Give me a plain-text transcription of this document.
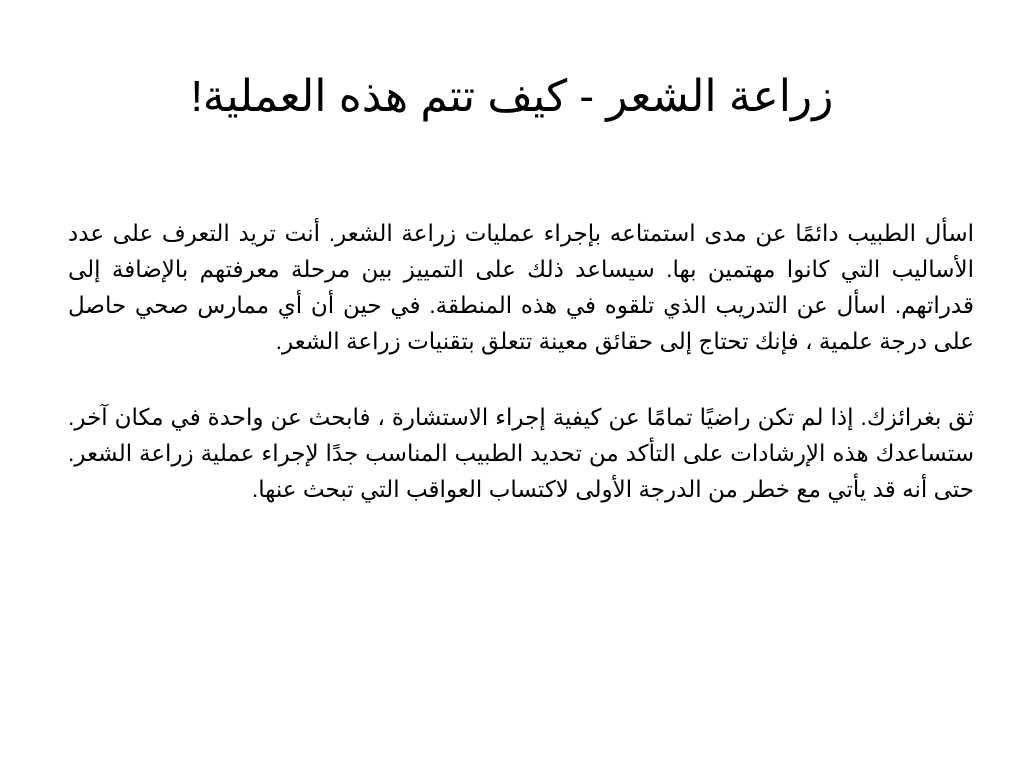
زراعة الشعر - كيف تتم هذه العملية!

اسأل الطبيب دائمًا عن مدى استمتاعه بإجراء عمليات زراعة الشعر. أنت تريد التعرف على عدد الأساليب التي كانوا مهتمين بها. سيساعد ذلك على التمييز بين مرحلة معرفتهم بالإضافة إلى قدراتهم. اسأل عن التدريب الذي تلقوه في هذه المنطقة. في حين أن أي ممارس صحي حاصل على درجة علمية ، فإنك تحتاج إلى حقائق معينة تتعلق بتقنيات زراعة الشعر.

ثق بغرائزك. إذا لم تكن راضيًا تمامًا عن كيفية إجراء الاستشارة ، فابحث عن واحدة في مكان آخر. ستساعدك هذه الإرشادات على التأكد من تحديد الطبيب المناسب جدًا لإجراء عملية زراعة الشعر. حتى أنه قد يأتي مع خطر من الدرجة الأولى لاكتساب العواقب التي تبحث عنها.
